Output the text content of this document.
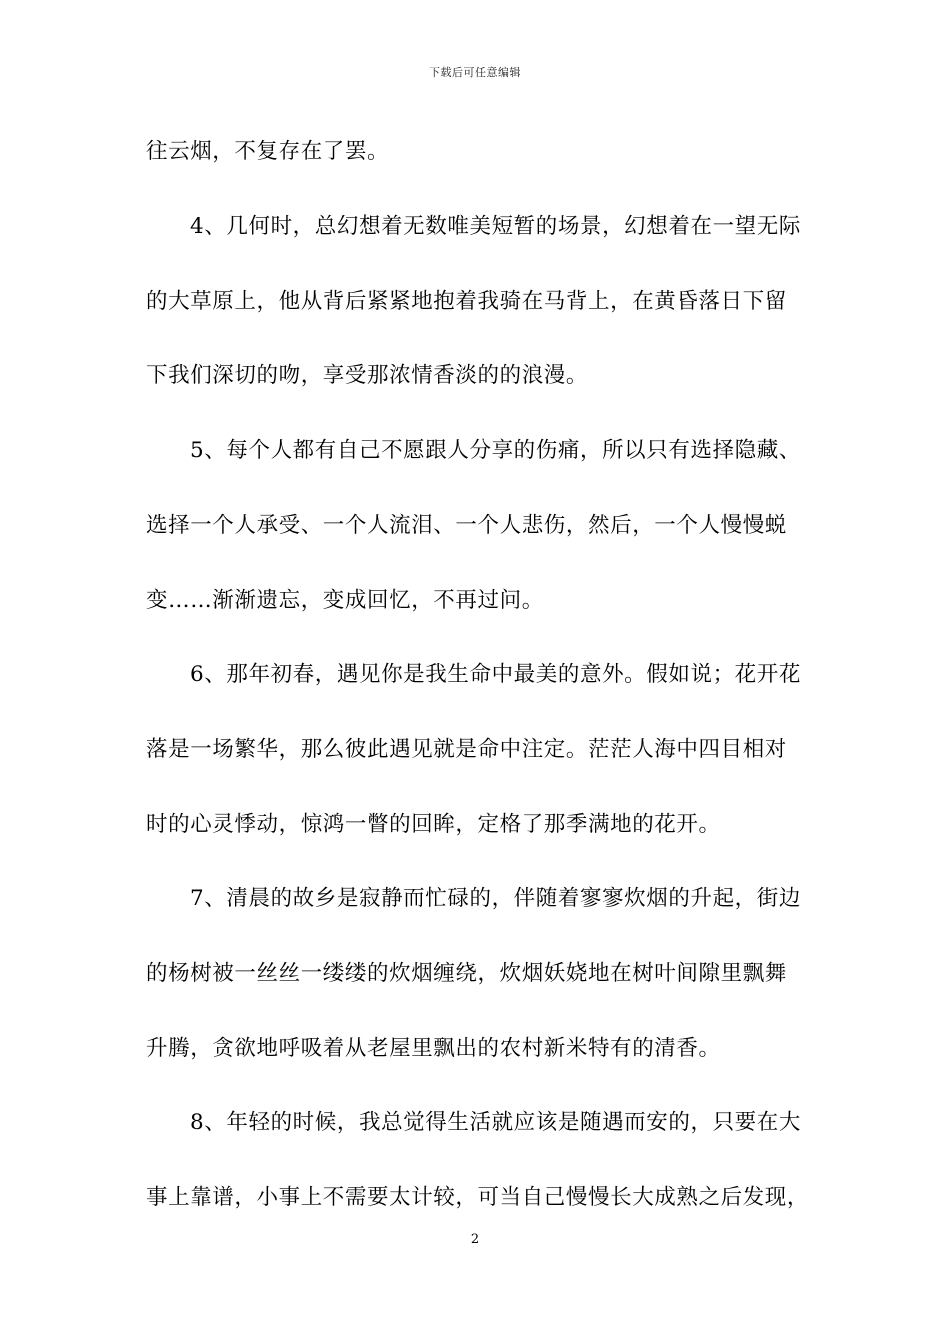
下载后可任意编辑
往云烟，不复存在了罢。
4、几何时，总幻想着无数唯美短暂的场景，幻想着在一望无际
的大草原上，他从背后紧紧地抱着我骑在马背上，在黄昏落日下留
下我们深切的吻，享受那浓情香淡的的浪漫。
5、每个人都有自己不愿跟人分享的伤痛，所以只有选择隐藏、
选择一个人承受、一个人流泪、一个人悲伤，然后，一个人慢慢蜕
变……渐渐遗忘，变成回忆，不再过问。
6、那年初春，遇见你是我生命中最美的意外。假如说；花开花
落是一场繁华，那么彼此遇见就是命中注定。茫茫人海中四目相对
时的心灵悸动，惊鸿一瞥的回眸，定格了那季满地的花开。
7、清晨的故乡是寂静而忙碌的，伴随着寥寥炊烟的升起，街边
的杨树被一丝丝一缕缕的炊烟缠绕，炊烟妖娆地在树叶间隙里飘舞
升腾，贪欲地呼吸着从老屋里飘出的农村新米特有的清香。
8、年轻的时候，我总觉得生活就应该是随遇而安的，只要在大
事上靠谱，小事上不需要太计较，可当自己慢慢长大成熟之后发现，
2
